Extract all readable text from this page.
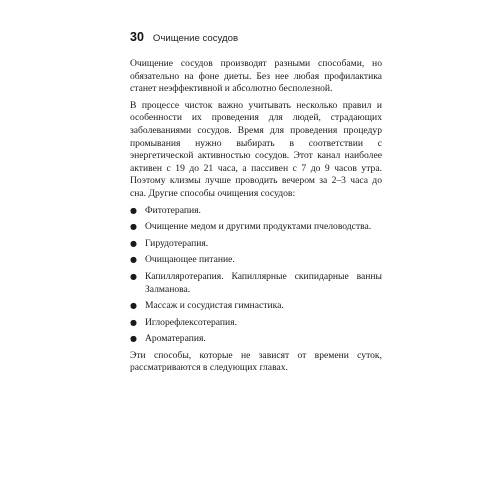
30 Очищение сосудов

Очищение сосудов производят разными способами, но обязательно на фоне диеты. Без нее любая профилактика станет неэффективной и абсолютно бесполезной.

В процессе чисток важно учитывать несколько правил и особенности их проведения для людей, страдающих заболеваниями сосудов. Время для проведения процедур промывания нужно выбирать в соответствии с энергетической активностью сосудов. Этот канал наиболее активен с 19 до 21 часа, а пассивен с 7 до 9 часов утра. Поэтому клизмы лучше проводить вечером за 2–3 часа до сна. Другие способы очищения сосудов:

● Фитотерапия.
● Очищение медом и другими продуктами пчеловодства.
● Гирудотерапия.
● Очищающее питание.
● Капилляротерапия. Капиллярные скипидарные ванны Залманова.
● Массаж и сосудистая гимнастика.
● Иглорефлексотерапия.
● Ароматерапия.

Эти способы, которые не зависят от времени суток, рассматриваются в следующих главах.
